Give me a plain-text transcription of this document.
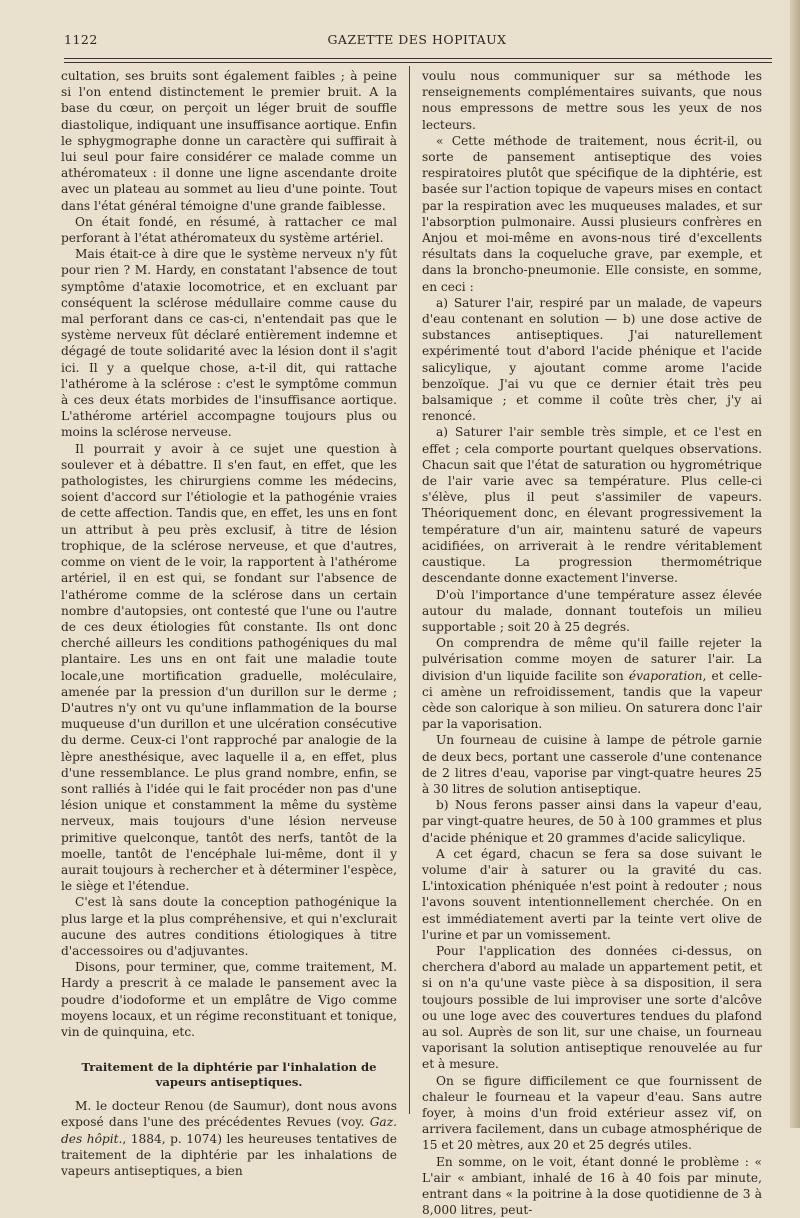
1122	GAZETTE DES HOPITAUX

cultation, ses bruits sont également faibles ; à peine si l'on entend distinctement le premier bruit. A la base du cœur, on perçoit un léger bruit de souffle diastolique, indiquant une insuffisance aortique. Enfin le sphygmographe donne un caractère qui suffirait à lui seul pour faire considérer ce malade comme un athéromateux : il donne une ligne ascendante droite avec un plateau au sommet au lieu d'une pointe. Tout dans l'état général témoigne d'une grande faiblesse.

On était fondé, en résumé, à rattacher ce mal perforant à l'état athéromateux du système artériel.

Mais était-ce à dire que le système nerveux n'y fût pour rien ? M. Hardy, en constatant l'absence de tout symptôme d'ataxie locomotrice, et en excluant par conséquent la sclérose médullaire comme cause du mal perforant dans ce cas-ci, n'entendait pas que le système nerveux fût déclaré entièrement indemne et dégagé de toute solidarité avec la lésion dont il s'agit ici. Il y a quelque chose, a-t-il dit, qui rattache l'athérome à la sclérose : c'est le symptôme commun à ces deux états morbides de l'insuffisance aortique. L'athérome artériel accompagne toujours plus ou moins la sclérose nerveuse.

Il pourrait y avoir à ce sujet une question à soulever et à débattre. Il s'en faut, en effet, que les pathologistes, les chirurgiens comme les médecins, soient d'accord sur l'étiologie et la pathogénie vraies de cette affection. Tandis que, en effet, les uns en font un attribut à peu près exclusif, à titre de lésion trophique, de la sclérose nerveuse, et que d'autres, comme on vient de le voir, la rapportent à l'athérome artériel, il en est qui, se fondant sur l'absence de l'athérome comme de la sclérose dans un certain nombre d'autopsies, ont contesté que l'une ou l'autre de ces deux étiologies fût constante. Ils ont donc cherché ailleurs les conditions pathogéniques du mal plantaire. Les uns en ont fait une maladie toute locale,une mortification graduelle, moléculaire, amenée par la pression d'un durillon sur le derme ; D'autres n'y ont vu qu'une inflammation de la bourse muqueuse d'un durillon et une ulcération consécutive du derme. Ceux-ci l'ont rapproché par analogie de la lèpre anesthésique, avec laquelle il a, en effet, plus d'une ressemblance. Le plus grand nombre, enfin, se sont ralliés à l'idée qui le fait procéder non pas d'une lésion unique et constamment la même du système nerveux, mais toujours d'une lésion nerveuse primitive quelconque, tantôt des nerfs, tantôt de la moelle, tantôt de l'encéphale lui-même, dont il y aurait toujours à rechercher et à déterminer l'espèce, le siège et l'étendue.

C'est là sans doute la conception pathogénique la plus large et la plus compréhensive, et qui n'exclurait aucune des autres conditions étiologiques à titre d'accessoires ou d'adjuvantes.

Disons, pour terminer, que, comme traitement, M. Hardy a prescrit à ce malade le pansement avec la poudre d'iodoforme et un emplâtre de Vigo comme moyens locaux, et un régime reconstituant et tonique, vin de quinquina, etc.

Traitement de la diphtérie par l'inhalation de vapeurs antiseptiques.

M. le docteur Renou (de Saumur), dont nous avons exposé dans l'une des précédentes Revues (voy. Gaz. des hôpit., 1884, p. 1074) les heureuses tentatives de traitement de la diphtérie par les inhalations de vapeurs antiseptiques, a bien

voulu nous communiquer sur sa méthode les renseignements complémentaires suivants, que nous nous empressons de mettre sous les yeux de nos lecteurs.

« Cette méthode de traitement, nous écrit-il, ou sorte de pansement antiseptique des voies respiratoires plutôt que spécifique de la diphtérie, est basée sur l'action topique de vapeurs mises en contact par la respiration avec les muqueuses malades, et sur l'absorption pulmonaire. Aussi plusieurs confrères en Anjou et moi-même en avons-nous tiré d'excellents résultats dans la coqueluche grave, par exemple, et dans la broncho-pneumonie. Elle consiste, en somme, en ceci :

a) Saturer l'air, respiré par un malade, de vapeurs d'eau contenant en solution — b) une dose active de substances antiseptiques. J'ai naturellement expérimenté tout d'abord l'acide phénique et l'acide salicylique, y ajoutant comme arome l'acide benzoïque. J'ai vu que ce dernier était très peu balsamique ; et comme il coûte très cher, j'y ai renoncé.

a) Saturer l'air semble très simple, et ce l'est en effet ; cela comporte pourtant quelques observations. Chacun sait que l'état de saturation ou hygrométrique de l'air varie avec sa température. Plus celle-ci s'élève, plus il peut s'assimiler de vapeurs. Théoriquement donc, en élevant progressivement la température d'un air, maintenu saturé de vapeurs acidifiées, on arriverait à le rendre véritablement caustique. La progression thermométrique descendante donne exactement l'inverse.

D'où l'importance d'une température assez élevée autour du malade, donnant toutefois un milieu supportable ; soit 20 à 25 degrés.

On comprendra de même qu'il faille rejeter la pulvérisation comme moyen de saturer l'air. La division d'un liquide facilite son évaporation, et celle-ci amène un refroidissement, tandis que la vapeur cède son calorique à son milieu. On saturera donc l'air par la vaporisation.

Un fourneau de cuisine à lampe de pétrole garnie de deux becs, portant une casserole d'une contenance de 2 litres d'eau, vaporise par vingt-quatre heures 25 à 30 litres de solution antiseptique.

b) Nous ferons passer ainsi dans la vapeur d'eau, par vingt-quatre heures, de 50 à 100 grammes et plus d'acide phénique et 20 grammes d'acide salicylique.

A cet égard, chacun se fera sa dose suivant le volume d'air à saturer ou la gravité du cas. L'intoxication phéniquée n'est point à redouter ; nous l'avons souvent intentionnellement cherchée. On en est immédiatement averti par la teinte vert olive de l'urine et par un vomissement.

Pour l'application des données ci-dessus, on cherchera d'abord au malade un appartement petit, et si on n'a qu'une vaste pièce à sa disposition, il sera toujours possible de lui improviser une sorte d'alcôve ou une loge avec des couvertures tendues du plafond au sol. Auprès de son lit, sur une chaise, un fourneau vaporisant la solution antiseptique renouvelée au fur et à mesure.

On se figure difficilement ce que fournissent de chaleur le fourneau et la vapeur d'eau. Sans autre foyer, à moins d'un froid extérieur assez vif, on arrivera facilement, dans un cubage atmosphérique de 15 et 20 mètres, aux 20 et 25 degrés utiles.

En somme, on le voit, étant donné le problème : « L'air « ambiant, inhalé de 16 à 40 fois par minute, entrant dans « la poitrine à la dose quotidienne de 3 à 8,000 litres, peut-
